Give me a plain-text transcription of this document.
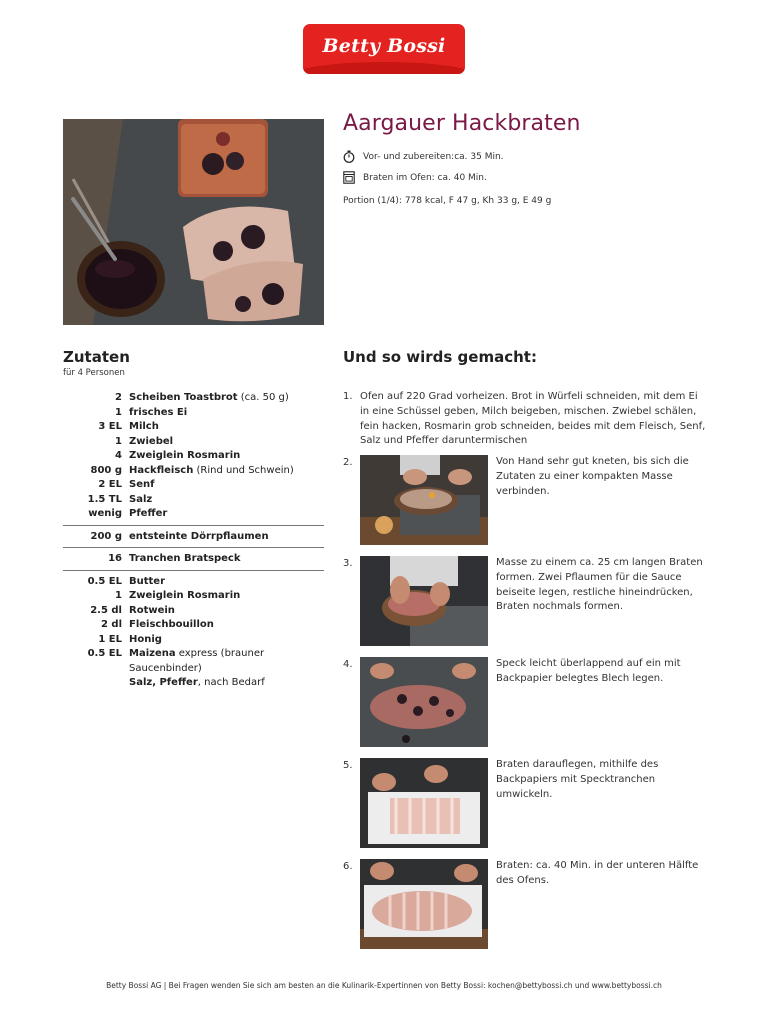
Betty Bossi
Aargauer Hackbraten
Vor- und zubereiten:ca. 35 Min.
Braten im Ofen: ca. 40 Min.
Portion (1/4): 778 kcal, F 47 g, Kh 33 g, E 49 g
Zutaten
für 4 Personen
2 Scheiben Toastbrot (ca. 50 g)
1 frisches Ei
3 EL Milch
1 Zwiebel
4 Zweiglein Rosmarin
800 g Hackfleisch (Rind und Schwein)
2 EL Senf
1.5 TL Salz
wenig Pfeffer
200 g entsteinte Dörrpflaumen
16 Tranchen Bratspeck
0.5 EL Butter
1 Zweiglein Rosmarin
2.5 dl Rotwein
2 dl Fleischbouillon
1 EL Honig
0.5 EL Maizena express (brauner Saucenbinder)
Salz, Pfeffer, nach Bedarf
Und so wirds gemacht:
1. Ofen auf 220 Grad vorheizen. Brot in Würfeli schneiden, mit dem Ei in eine Schüssel geben, Milch beigeben, mischen. Zwiebel schälen, fein hacken, Rosmarin grob schneiden, beides mit dem Fleisch, Senf, Salz und Pfeffer daruntermischen
2.	Von Hand sehr gut kneten, bis sich die Zutaten zu einer kompakten Masse verbinden.
3.	Masse zu einem ca. 25 cm langen Braten formen. Zwei Pflaumen für die Sauce beiseite legen, restliche hineindrücken, Braten nochmals formen.
4.	Speck leicht überlappend auf ein mit Backpapier belegtes Blech legen.
5.	Braten darauflegen, mithilfe des Backpapiers mit Specktranchen umwickeln.
6.	Braten: ca. 40 Min. in der unteren Hälfte des Ofens.
Betty Bossi AG | Bei Fragen wenden Sie sich am besten an die Kulinarik-Expertinnen von Betty Bossi: kochen@bettybossi.ch und www.bettybossi.ch
